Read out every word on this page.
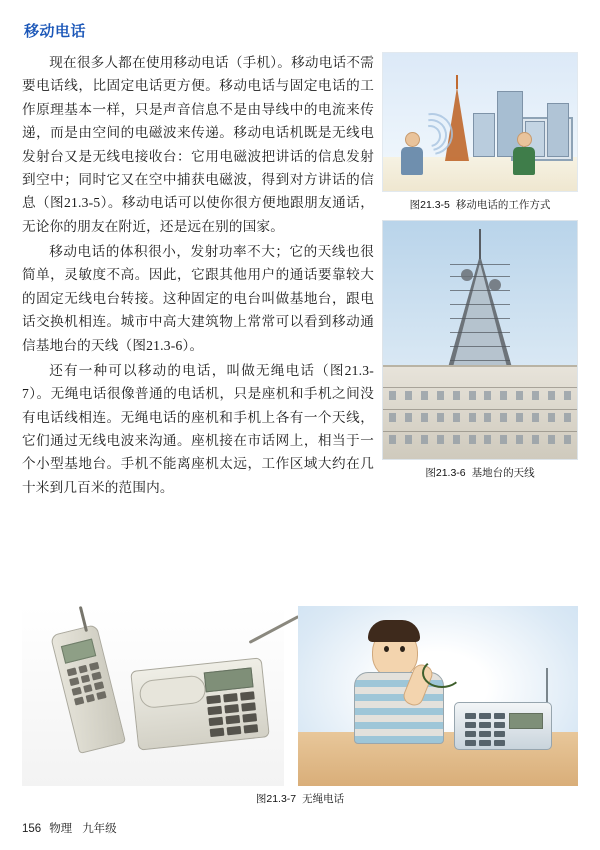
移动电话

现在很多人都在使用移动电话（手机）。移动电话不需要电话线，比固定电话更方便。移动电话与固定电话的工作原理基本一样，只是声音信息不是由导线中的电流来传递，而是由空间的电磁波来传递。移动电话机既是无线电发射台又是无线电接收台：它用电磁波把讲话的信息发射到空中；同时它又在空中捕获电磁波，得到对方讲话的信息（图21.3-5）。移动电话可以使你很方便地跟朋友通话，无论你的朋友在附近，还是远在别的国家。

移动电话的体积很小，发射功率不大；它的天线也很简单，灵敏度不高。因此，它跟其他用户的通话要靠较大的固定无线电台转接。这种固定的电台叫做基地台，跟电话交换机相连。城市中高大建筑物上常常可以看到移动通信基地台的天线（图21.3-6）。

还有一种可以移动的电话，叫做无绳电话（图21.3-7）。无绳电话很像普通的电话机，只是座机和手机之间没有电话线相连。无绳电话的座机和手机上各有一个天线，它们通过无线电波来沟通。座机接在市话网上，相当于一个小型基地台。手机不能离座机太远，工作区域大约在几十米到几百米的范围内。

图21.3-5 移动电话的工作方式
图21.3-6 基地台的天线
图21.3-7 无绳电话
156 物理 九年级
